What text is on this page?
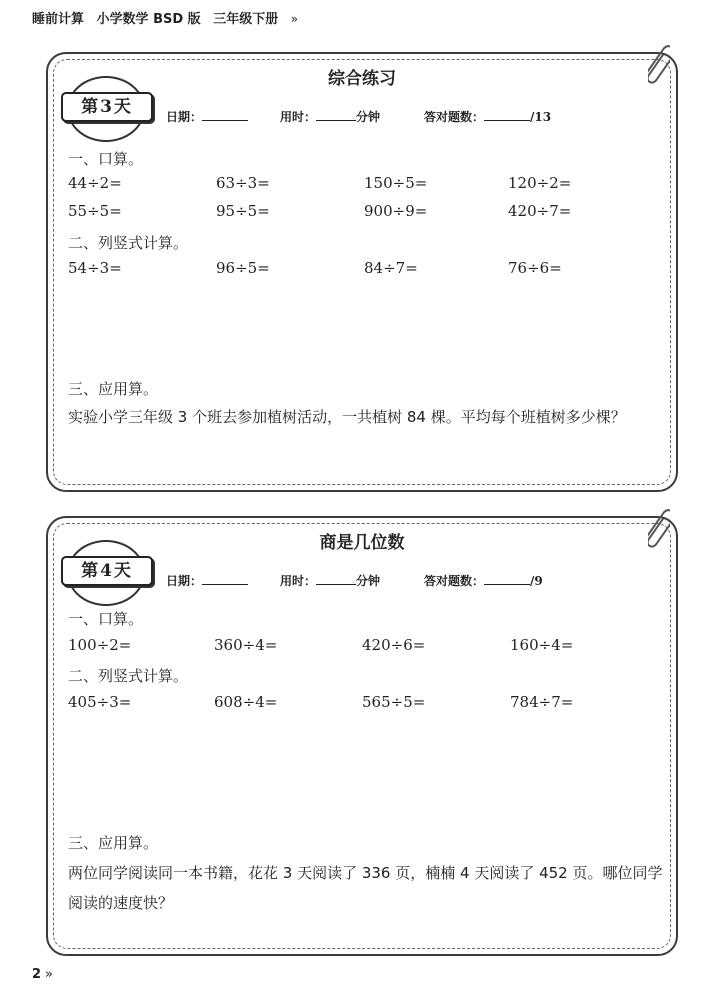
睡前计算 小学数学 BSD 版 三年级下册 »
第3天
综合练习
日期：	用时：	分钟	答对题数：	/13
一、口算。
44÷2=	63÷3=	150÷5=	120÷2=
55÷5=	95÷5=	900÷9=	420÷7=
二、列竖式计算。
54÷3=	96÷5=	84÷7=	76÷6=
三、应用算。
实验小学三年级 3 个班去参加植树活动，一共植树 84 棵。平均每个班植树多少棵？
第4天
商是几位数
日期：	用时：	分钟	答对题数：	/9
一、口算。
100÷2=	360÷4=	420÷6=	160÷4=
二、列竖式计算。
405÷3=	608÷4=	565÷5=	784÷7=
三、应用算。
两位同学阅读同一本书籍，花花 3 天阅读了 336 页，楠楠 4 天阅读了 452 页。哪位同学阅读的速度快？
2 »
